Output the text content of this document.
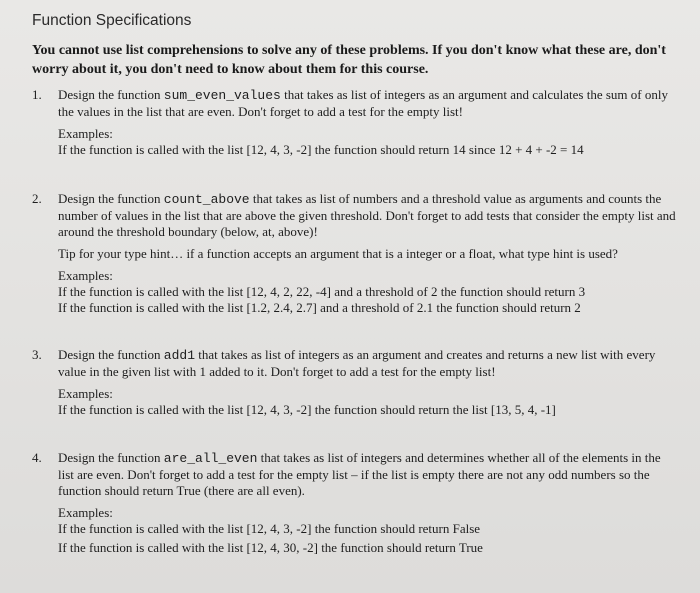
Function Specifications
You cannot use list comprehensions to solve any of these problems. If you don't know what these are, don't worry about it, you don't need to know about them for this course.
1. Design the function sum_even_values that takes as list of integers as an argument and calculates the sum of only the values in the list that are even. Don't forget to add a test for the empty list!

Examples:

If the function is called with the list [12, 4, 3, -2] the function should return 14 since 12 + 4 + -2 = 14

2. Design the function count_above that takes as list of numbers and a threshold value as arguments and counts the number of values in the list that are above the given threshold. Don't forget to add tests that consider the empty list and around the threshold boundary (below, at, above)!

Tip for your type hint… if a function accepts an argument that is a integer or a float, what type hint is used?

Examples:

If the function is called with the list [12, 4, 2, 22, -4] and a threshold of 2 the function should return 3

If the function is called with the list [1.2, 2.4, 2.7] and a threshold of 2.1 the function should return 2

3. Design the function add1 that takes as list of integers as an argument and creates and returns a new list with every value in the given list with 1 added to it. Don't forget to add a test for the empty list!

Examples:

If the function is called with the list [12, 4, 3, -2] the function should return the list [13, 5, 4, -1]

4. Design the function are_all_even that takes as list of integers and determines whether all of the elements in the list are even. Don't forget to add a test for the empty list – if the list is empty there are not any odd numbers so the function should return True (there are all even).

Examples:

If the function is called with the list [12, 4, 3, -2] the function should return False

If the function is called with the list [12, 4, 30, -2] the function should return True
